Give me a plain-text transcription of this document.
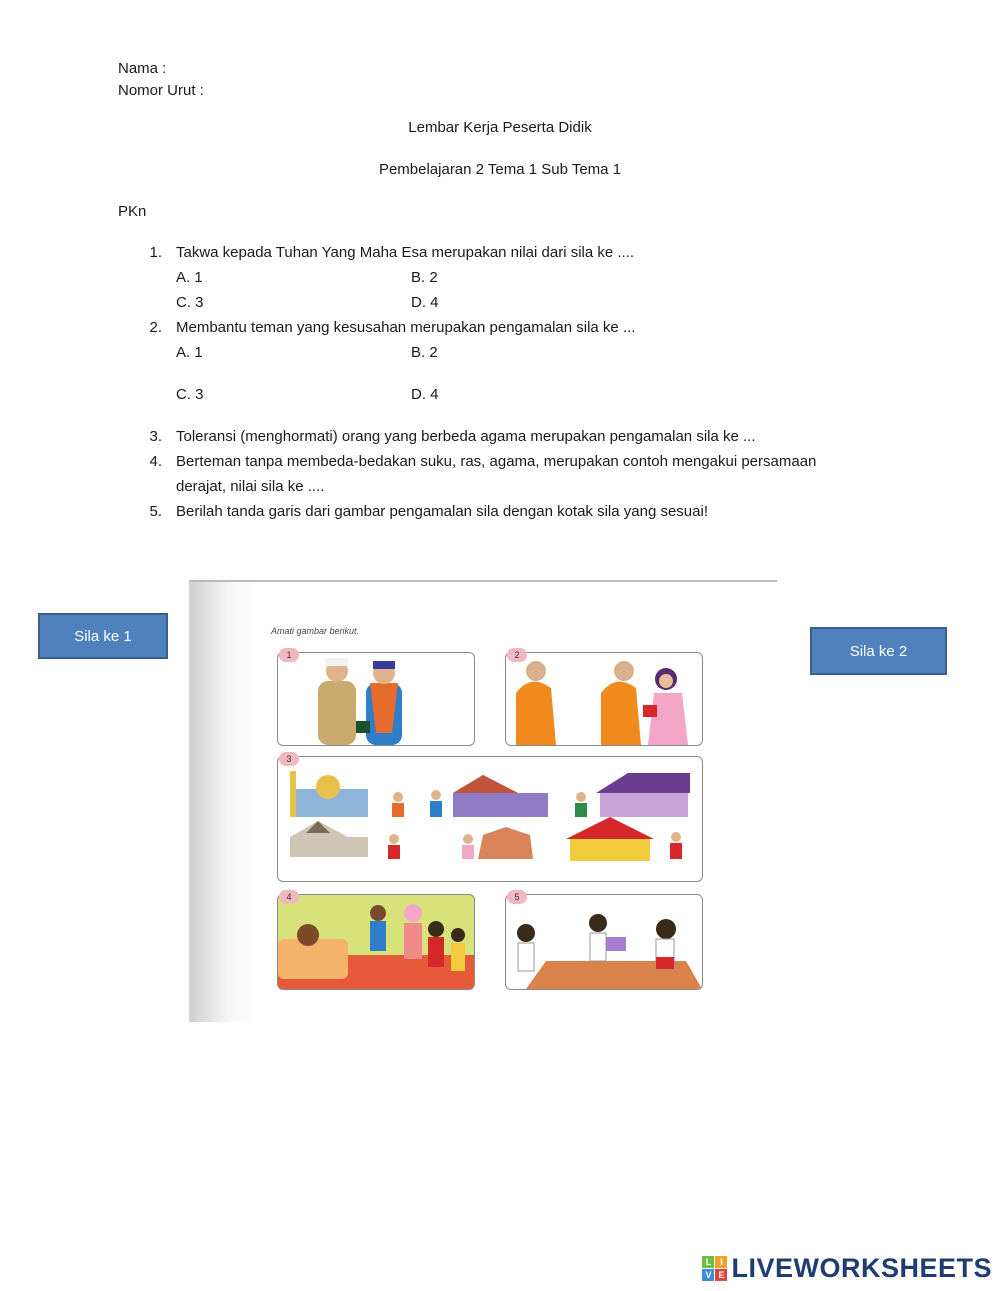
Nama :
Nomor Urut :
Lembar Kerja Peserta Didik
Pembelajaran 2 Tema 1 Sub Tema 1
PKn
1. Takwa kepada Tuhan Yang Maha Esa merupakan nilai dari sila ke ....
A. 1	B. 2
C. 3	D. 4
2. Membantu teman yang kesusahan merupakan pengamalan sila ke ...
A. 1	B. 2
C. 3	D. 4
3. Toleransi (menghormati) orang yang berbeda agama merupakan pengamalan sila ke ...
4. Berteman tanpa membeda-bedakan suku, ras, agama, merupakan contoh mengakui persamaan
derajat, nilai sila ke ....
5. Berilah tanda garis dari gambar pengamalan sila dengan kotak sila yang sesuai!
Sila ke 1
Sila ke 2
Amati gambar berikut.
1	2
3
4	5
L I
V E LIVEWORKSHEETS
